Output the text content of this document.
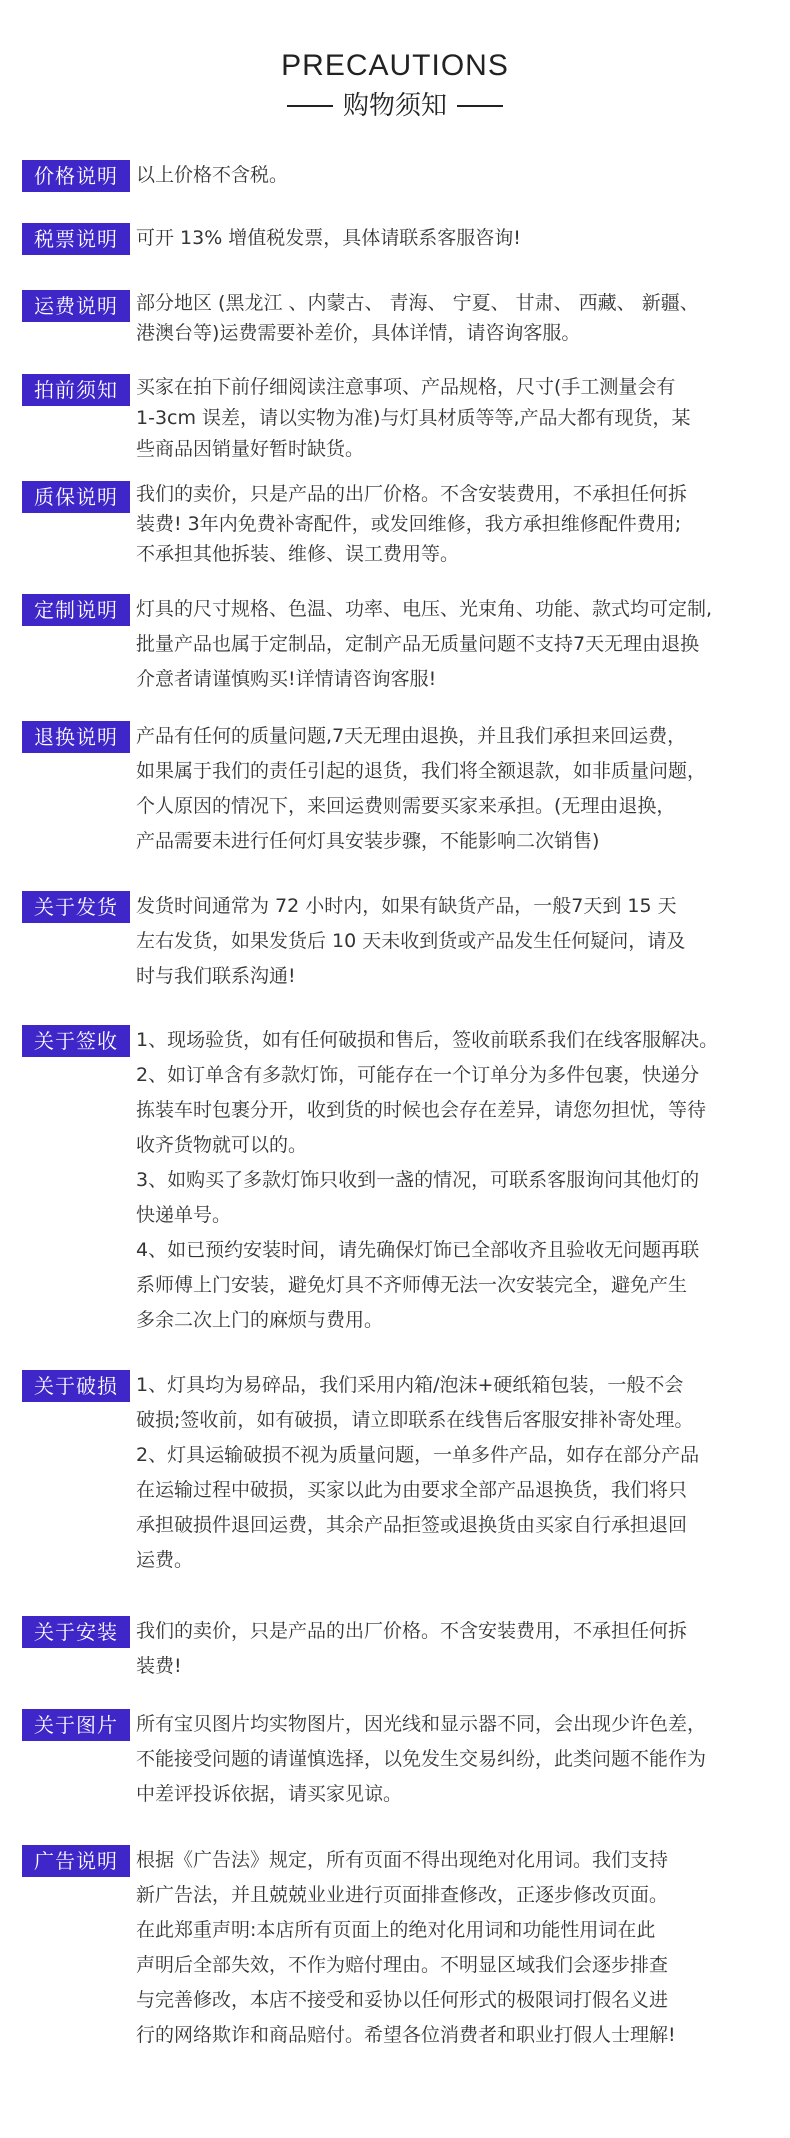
PRECAUTIONS
购物须知
价格说明 以上价格不含税。

税票说明 可开 13% 增值税发票，具体请联系客服咨询!

运费说明 部分地区 (黑龙江 、内蒙古、 青海、 宁夏、 甘肃、 西藏、 新疆、

港澳台等)运费需要补差价，具体详情，请咨询客服。

拍前须知 买家在拍下前仔细阅读注意事项、产品规格，尺寸(手工测量会有

1-3cm 误差，请以实物为准)与灯具材质等等,产品大都有现货，某

些商品因销量好暂时缺货。

质保说明 我们的卖价，只是产品的出厂价格。不含安装费用，不承担任何拆

装费! 3年内免费补寄配件，或发回维修，我方承担维修配件费用;

不承担其他拆装、维修、误工费用等。

定制说明 灯具的尺寸规格、色温、功率、电压、光束角、功能、款式均可定制,

批量产品也属于定制品，定制产品无质量问题不支持7天无理由退换

介意者请谨慎购买!详情请咨询客服!

退换说明 产品有任何的质量问题,7天无理由退换，并且我们承担来回运费，

如果属于我们的责任引起的退货，我们将全额退款，如非质量问题，

个人原因的情况下，来回运费则需要买家来承担。(无理由退换，

产品需要未进行任何灯具安装步骤，不能影响二次销售)

关于发货 发货时间通常为 72 小时内，如果有缺货产品，一般7天到 15 天

左右发货，如果发货后 10 天未收到货或产品发生任何疑问，请及

时与我们联系沟通!

关于签收 1、现场验货，如有任何破损和售后，签收前联系我们在线客服解决。

2、如订单含有多款灯饰，可能存在一个订单分为多件包裹，快递分

拣装车时包裹分开，收到货的时候也会存在差异，请您勿担忧，等待

收齐货物就可以的。

3、如购买了多款灯饰只收到一盏的情况，可联系客服询问其他灯的

快递单号。

4、如已预约安装时间，请先确保灯饰已全部收齐且验收无问题再联

系师傅上门安装，避免灯具不齐师傅无法一次安装完全，避免产生

多余二次上门的麻烦与费用。

关于破损 1、灯具均为易碎品，我们采用内箱/泡沫+硬纸箱包装，一般不会

破损;签收前，如有破损，请立即联系在线售后客服安排补寄处理。

2、灯具运输破损不视为质量问题，一单多件产品，如存在部分产品

在运输过程中破损，买家以此为由要求全部产品退换货，我们将只

承担破损件退回运费，其余产品拒签或退换货由买家自行承担退回

运费。

关于安装 我们的卖价，只是产品的出厂价格。不含安装费用，不承担任何拆

装费!

关于图片 所有宝贝图片均实物图片，因光线和显示器不同，会出现少许色差，

不能接受问题的请谨慎选择，以免发生交易纠纷，此类问题不能作为

中差评投诉依据，请买家见谅。

广告说明 根据《广告法》规定，所有页面不得出现绝对化用词。我们支持

新广告法，并且兢兢业业进行页面排查修改，正逐步修改页面。

在此郑重声明:本店所有页面上的绝对化用词和功能性用词在此

声明后全部失效，不作为赔付理由。不明显区域我们会逐步排查

与完善修改，本店不接受和妥协以任何形式的极限词打假名义进

行的网络欺诈和商品赔付。希望各位消费者和职业打假人士理解!
